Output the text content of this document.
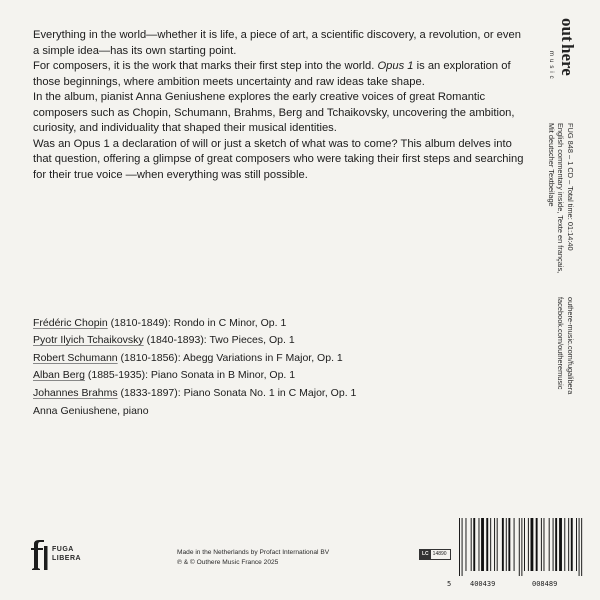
Everything in the world—whether it is life, a piece of art, a scientific discovery, a revolution, or even a simple idea—has its own starting point.

For composers, it is the work that marks their first step into the world. Opus 1 is an exploration of those beginnings, where ambition meets uncertainty and raw ideas take shape.

In the album, pianist Anna Geniushene explores the early creative voices of great Romantic composers such as Chopin, Schumann, Brahms, Berg and Tchaikovsky, uncovering the ambition, curiosity, and individuality that shaped their musical identities.

Was an Opus 1 a declaration of will or just a sketch of what was to come? This album delves into that question, offering a glimpse of great composers who were taking their first steps and searching for their true voice —when everything was still possible.

Frédéric Chopin (1810-1849): Rondo in C Minor, Op. 1
Pyotr Ilyich Tchaikovsky (1840-1893): Two Pieces, Op. 1
Robert Schumann (1810-1856): Abegg Variations in F Major, Op. 1
Alban Berg (1885-1935): Piano Sonata in B Minor, Op. 1
Johannes Brahms (1833-1897): Piano Sonata No. 1 in C Major, Op. 1
Anna Geniushene, piano
out
here
music
FUG 848 – 1 CD – Total time: 01:14:40
English commentary inside, Texte en français,
Mit deutscher Textbeilage
outhere-music.com/fugalibera
facebook.com/outheremusic
FUGA
LIBERA
Made in the Netherlands by Profact International BV
℗ & © Outhere Music France 2025
LC 14890
5	400439	008489
